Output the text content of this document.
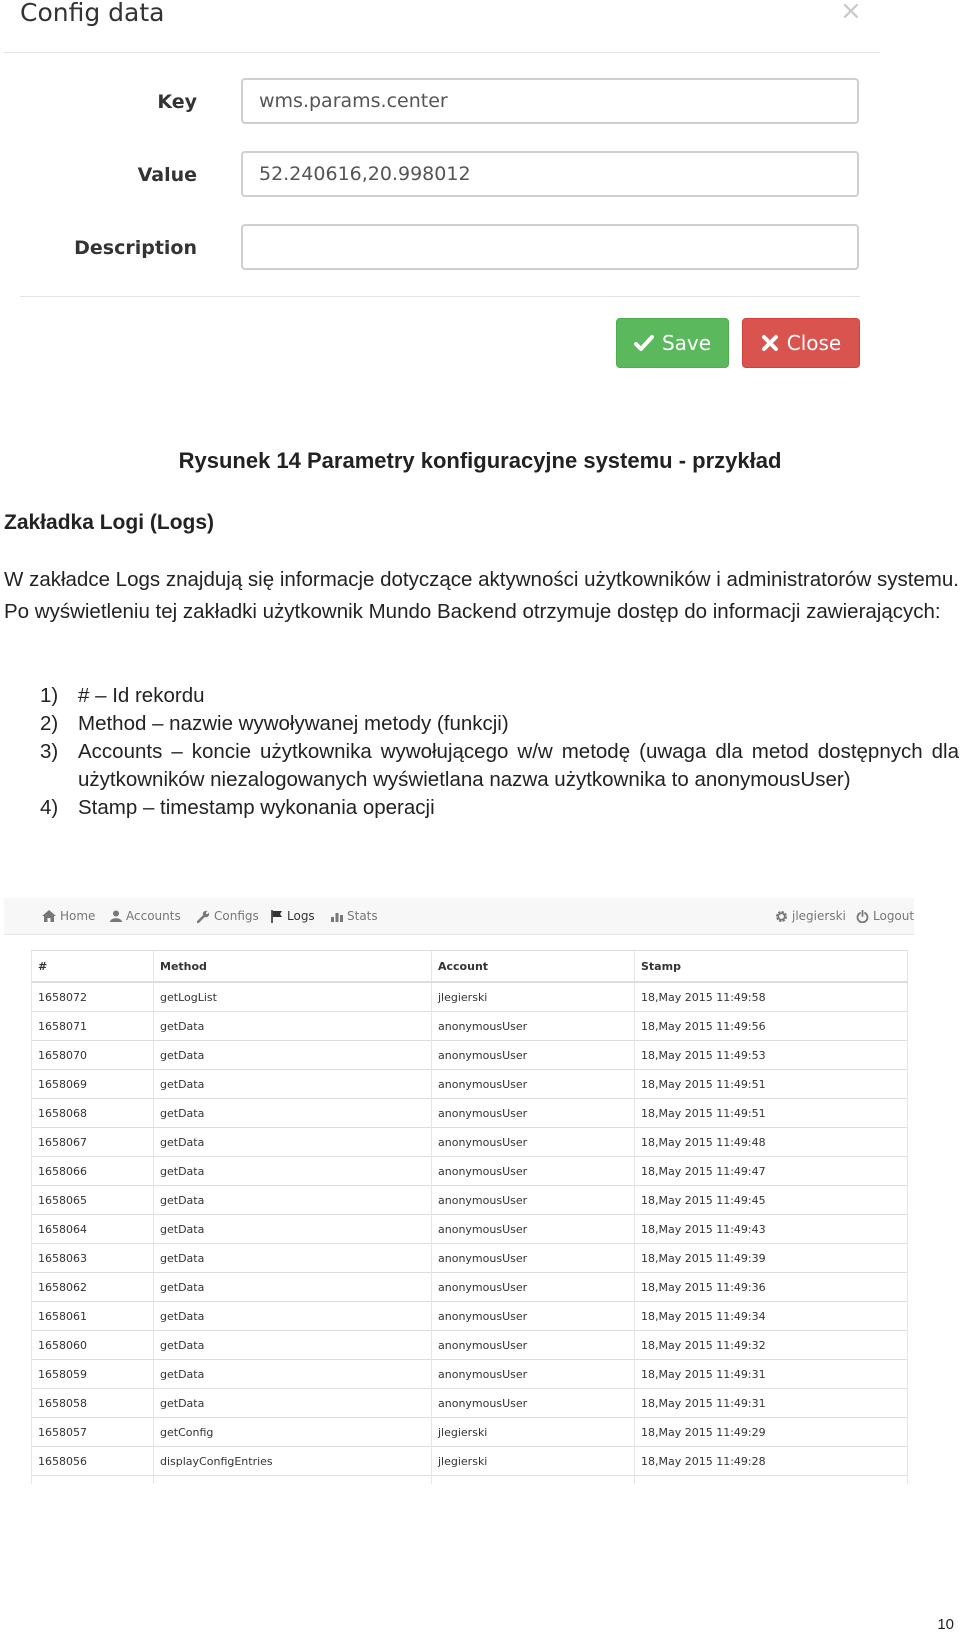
Config data	×
Key	wms.params.center
Value	52.240616,20.998012
Description
Save	Close
Rysunek 14 Parametry konfiguracyjne systemu - przykład
Zakładka Logi (Logs)
W zakładce Logs znajdują się informacje dotyczące aktywności użytkowników i administratorów systemu. Po wyświetleniu tej zakładki użytkownik Mundo Backend otrzymuje dostęp do informacji zawierających:
1) # – Id rekordu
2) Method – nazwie wywoływanej metody (funkcji)
3) Accounts – koncie użytkownika wywołującego w/w metodę (uwaga dla metod dostępnych dla użytkowników niezalogowanych wyświetlana nazwa użytkownika to anonymousUser)
4) Stamp – timestamp wykonania operacji
Home	Accounts	Configs Logs	Stats	jlegierski Logout
#	Method	Account	Stamp
1658072	getLogList	jlegierski	18,May 2015 11:49:58
1658071	getData	anonymousUser	18,May 2015 11:49:56
1658070	getData	anonymousUser	18,May 2015 11:49:53
1658069	getData	anonymousUser	18,May 2015 11:49:51
1658068	getData	anonymousUser	18,May 2015 11:49:51
1658067	getData	anonymousUser	18,May 2015 11:49:48
1658066	getData	anonymousUser	18,May 2015 11:49:47
1658065	getData	anonymousUser	18,May 2015 11:49:45
1658064	getData	anonymousUser	18,May 2015 11:49:43
1658063	getData	anonymousUser	18,May 2015 11:49:39
1658062	getData	anonymousUser	18,May 2015 11:49:36
1658061	getData	anonymousUser	18,May 2015 11:49:34
1658060	getData	anonymousUser	18,May 2015 11:49:32
1658059	getData	anonymousUser	18,May 2015 11:49:31
1658058	getData	anonymousUser	18,May 2015 11:49:31
1658057	getConfig	jlegierski	18,May 2015 11:49:29
1658056	displayConfigEntries	jlegierski	18,May 2015 11:49:28

10
